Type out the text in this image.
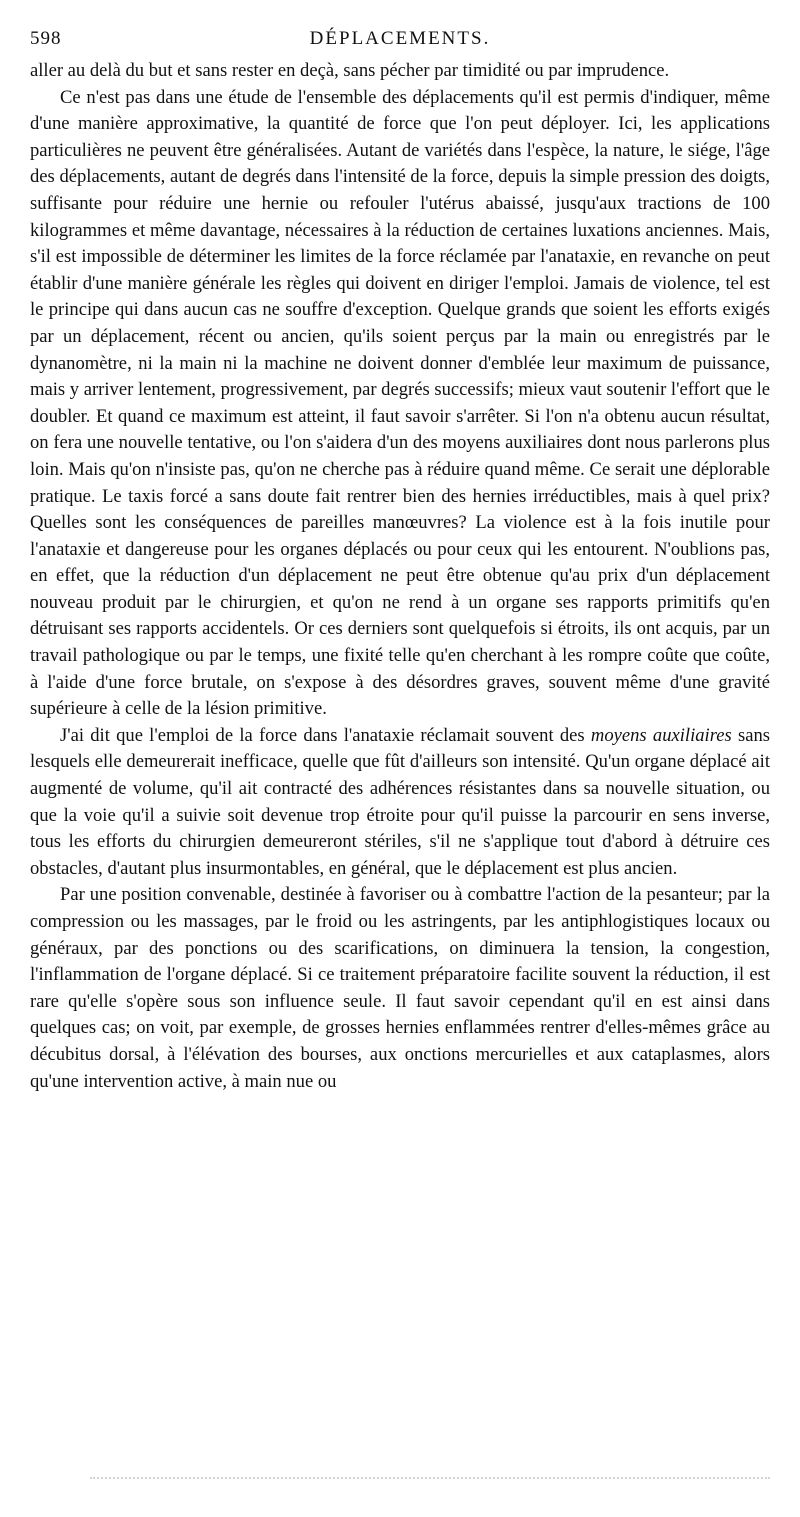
598	DÉPLACEMENTS.

aller au delà du but et sans rester en deçà, sans pécher par timidité ou par imprudence.

Ce n'est pas dans une étude de l'ensemble des déplacements qu'il est permis d'indiquer, même d'une manière approximative, la quantité de force que l'on peut déployer. Ici, les applications particulières ne peuvent être généralisées. Autant de variétés dans l'espèce, la nature, le siége, l'âge des déplacements, autant de degrés dans l'intensité de la force, depuis la simple pression des doigts, suffisante pour réduire une hernie ou refouler l'utérus abaissé, jusqu'aux tractions de 100 kilogrammes et même davantage, nécessaires à la réduction de certaines luxations anciennes. Mais, s'il est impossible de déterminer les limites de la force réclamée par l'anataxie, en revanche on peut établir d'une manière générale les règles qui doivent en diriger l'emploi. Jamais de violence, tel est le principe qui dans aucun cas ne souffre d'exception. Quelque grands que soient les efforts exigés par un déplacement, récent ou ancien, qu'ils soient perçus par la main ou enregistrés par le dynanomètre, ni la main ni la machine ne doivent donner d'emblée leur maximum de puissance, mais y arriver lentement, progressivement, par degrés successifs; mieux vaut soutenir l'effort que le doubler. Et quand ce maximum est atteint, il faut savoir s'arrêter. Si l'on n'a obtenu aucun résultat, on fera une nouvelle tentative, ou l'on s'aidera d'un des moyens auxiliaires dont nous parlerons plus loin. Mais qu'on n'insiste pas, qu'on ne cherche pas à réduire quand même. Ce serait une déplorable pratique. Le taxis forcé a sans doute fait rentrer bien des hernies irréductibles, mais à quel prix? Quelles sont les conséquences de pareilles manœuvres? La violence est à la fois inutile pour l'anataxie et dangereuse pour les organes déplacés ou pour ceux qui les entourent. N'oublions pas, en effet, que la réduction d'un déplacement ne peut être obtenue qu'au prix d'un déplacement nouveau produit par le chirurgien, et qu'on ne rend à un organe ses rapports primitifs qu'en détruisant ses rapports accidentels. Or ces derniers sont quelquefois si étroits, ils ont acquis, par un travail pathologique ou par le temps, une fixité telle qu'en cherchant à les rompre coûte que coûte, à l'aide d'une force brutale, on s'expose à des désordres graves, souvent même d'une gravité supérieure à celle de la lésion primitive.

J'ai dit que l'emploi de la force dans l'anataxie réclamait souvent des moyens auxiliaires sans lesquels elle demeurerait inefficace, quelle que fût d'ailleurs son intensité. Qu'un organe déplacé ait augmenté de volume, qu'il ait contracté des adhérences résistantes dans sa nouvelle situation, ou que la voie qu'il a suivie soit devenue trop étroite pour qu'il puisse la parcourir en sens inverse, tous les efforts du chirurgien demeureront stériles, s'il ne s'applique tout d'abord à détruire ces obstacles, d'autant plus insurmontables, en général, que le déplacement est plus ancien.

Par une position convenable, destinée à favoriser ou à combattre l'action de la pesanteur; par la compression ou les massages, par le froid ou les astringents, par les antiphlogistiques locaux ou généraux, par des ponctions ou des scarifications, on diminuera la tension, la congestion, l'inflammation de l'organe déplacé. Si ce traitement préparatoire facilite souvent la réduction, il est rare qu'elle s'opère sous son influence seule. Il faut savoir cependant qu'il en est ainsi dans quelques cas; on voit, par exemple, de grosses hernies enflammées rentrer d'elles-mêmes grâce au décubitus dorsal, à l'élévation des bourses, aux onctions mercurielles et aux cataplasmes, alors qu'une intervention active, à main nue ou
